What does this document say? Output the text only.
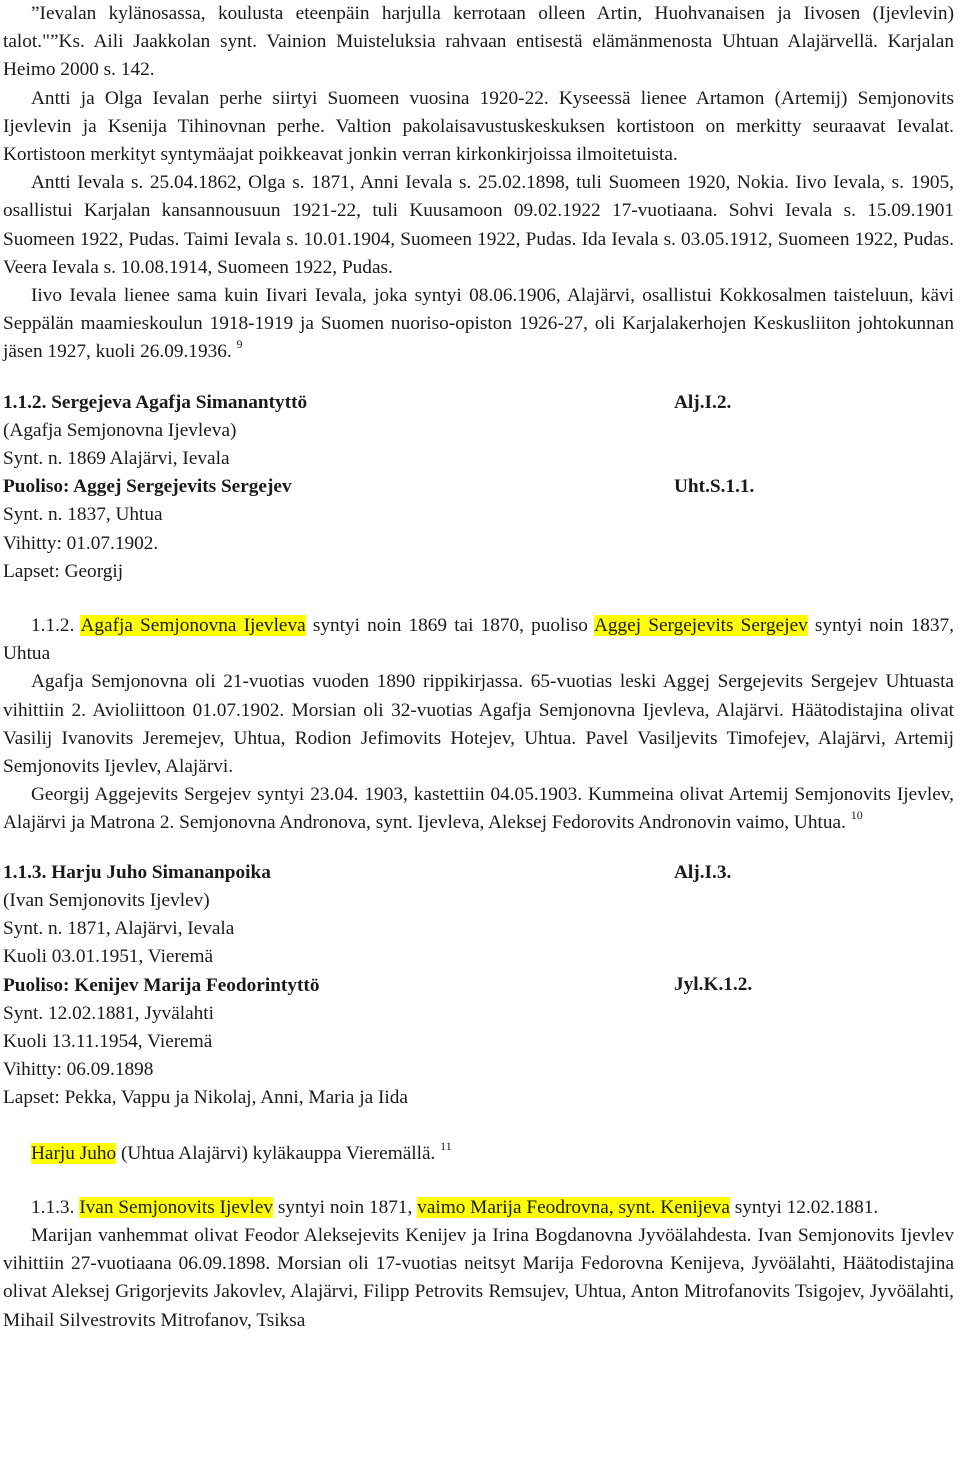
”Ievalan kylänosassa, koulusta eteenpäin harjulla kerrotaan olleen Artin, Huohvanaisen ja Iivosen (Ijevlevin) talot."”Ks. Aili Jaakkolan synt. Vainion Muisteluksia rahvaan entisestä elämänmenosta Uhtuan Alajärvellä. Karjalan Heimo 2000 s. 142.

Antti ja Olga Ievalan perhe siirtyi Suomeen vuosina 1920-22. Kyseessä lienee Artamon (Artemij) Semjonovits Ijevlevin ja Ksenija Tihinovnan perhe. Valtion pakolaisavustuskeskuksen kortistoon on merkitty seuraavat Ievalat. Kortistoon merkityt syntymäajat poikkeavat jonkin verran kirkonkirjoissa ilmoitetuista.

Antti Ievala s. 25.04.1862, Olga s. 1871, Anni Ievala s. 25.02.1898, tuli Suomeen 1920, Nokia. Iivo Ievala, s. 1905, osallistui Karjalan kansannousuun 1921-22, tuli Kuusamoon 09.02.1922 17-vuotiaana. Sohvi Ievala s. 15.09.1901 Suomeen 1922, Pudas. Taimi Ievala s. 10.01.1904, Suomeen 1922, Pudas. Ida Ievala s. 03.05.1912, Suomeen 1922, Pudas. Veera Ievala s. 10.08.1914, Suomeen 1922, Pudas.

Iivo Ievala lienee sama kuin Iivari Ievala, joka syntyi 08.06.1906, Alajärvi, osallistui Kokkosalmen taisteluun, kävi Seppälän maamieskoulun 1918-1919 ja Suomen nuoriso-opiston 1926-27, oli Karjalakerhojen Keskusliiton johtokunnan jäsen 1927, kuoli 26.09.1936. $^9$

Alj.I.2.
Uht.S.1.1.

1.1.2. Sergejeva Agafja Simanantyttö

(Agafja Semjonovna Ijevleva)

Synt. n. 1869 Alajärvi, Ievala

Puoliso: Aggej Sergejevits Sergejev

Synt. n. 1837, Uhtua

Vihitty: 01.07.1902.

Lapset: Georgij

1.1.2. Agafja Semjonovna Ijevleva syntyi noin 1869 tai 1870, puoliso Aggej Sergejevits Sergejev syntyi noin 1837, Uhtua

Agafja Semjonovna oli 21-vuotias vuoden 1890 rippikirjassa. 65-vuotias leski Aggej Sergejevits Sergejev Uhtuasta vihittiin 2. Avioliittoon 01.07.1902. Morsian oli 32-vuotias Agafja Semjonovna Ijevleva, Alajärvi. Häätodistajina olivat Vasilij Ivanovits Jeremejev, Uhtua, Rodion Jefimovits Hotejev, Uhtua. Pavel Vasiljevits Timofejev, Alajärvi, Artemij Semjonovits Ijevlev, Alajärvi.

Georgij Aggejevits Sergejev syntyi 23.04. 1903, kastettiin 04.05.1903. Kummeina olivat Artemij Semjonovits Ijevlev, Alajärvi ja Matrona 2. Semjonovna Andronova, synt. Ijevleva, Aleksej Fedorovits Andronovin vaimo, Uhtua. $^{10}$

Alj.I.3.
Jyl.K.1.2.

1.1.3. Harju Juho Simananpoika

(Ivan Semjonovits Ijevlev)

Synt. n. 1871, Alajärvi, Ievala

Kuoli 03.01.1951, Vieremä

Puoliso: Kenijev Marija Feodorintyttö

Synt. 12.02.1881, Jyvälahti

Kuoli 13.11.1954, Vieremä

Vihitty: 06.09.1898

Lapset: Pekka, Vappu ja Nikolaj, Anni, Maria ja Iida

Harju Juho (Uhtua Alajärvi) kyläkauppa Vieremällä. $^{11}$

1.1.3. Ivan Semjonovits Ijevlev syntyi noin 1871, vaimo Marija Feodrovna, synt. Kenijeva syntyi 12.02.1881.

Marijan vanhemmat olivat Feodor Aleksejevits Kenijev ja Irina Bogdanovna Jyvöälahdesta. Ivan Semjonovits Ijevlev vihittiin 27-vuotiaana 06.09.1898. Morsian oli 17-vuotias neitsyt Marija Fedorovna Kenijeva, Jyvöälahti, Häätodistajina olivat Aleksej Grigorjevits Jakovlev, Alajärvi, Filipp Petrovits Remsujev, Uhtua, Anton Mitrofanovits Tsigojev, Jyvöälahti, Mihail Silvestrovits Mitrofanov, Tsiksa
